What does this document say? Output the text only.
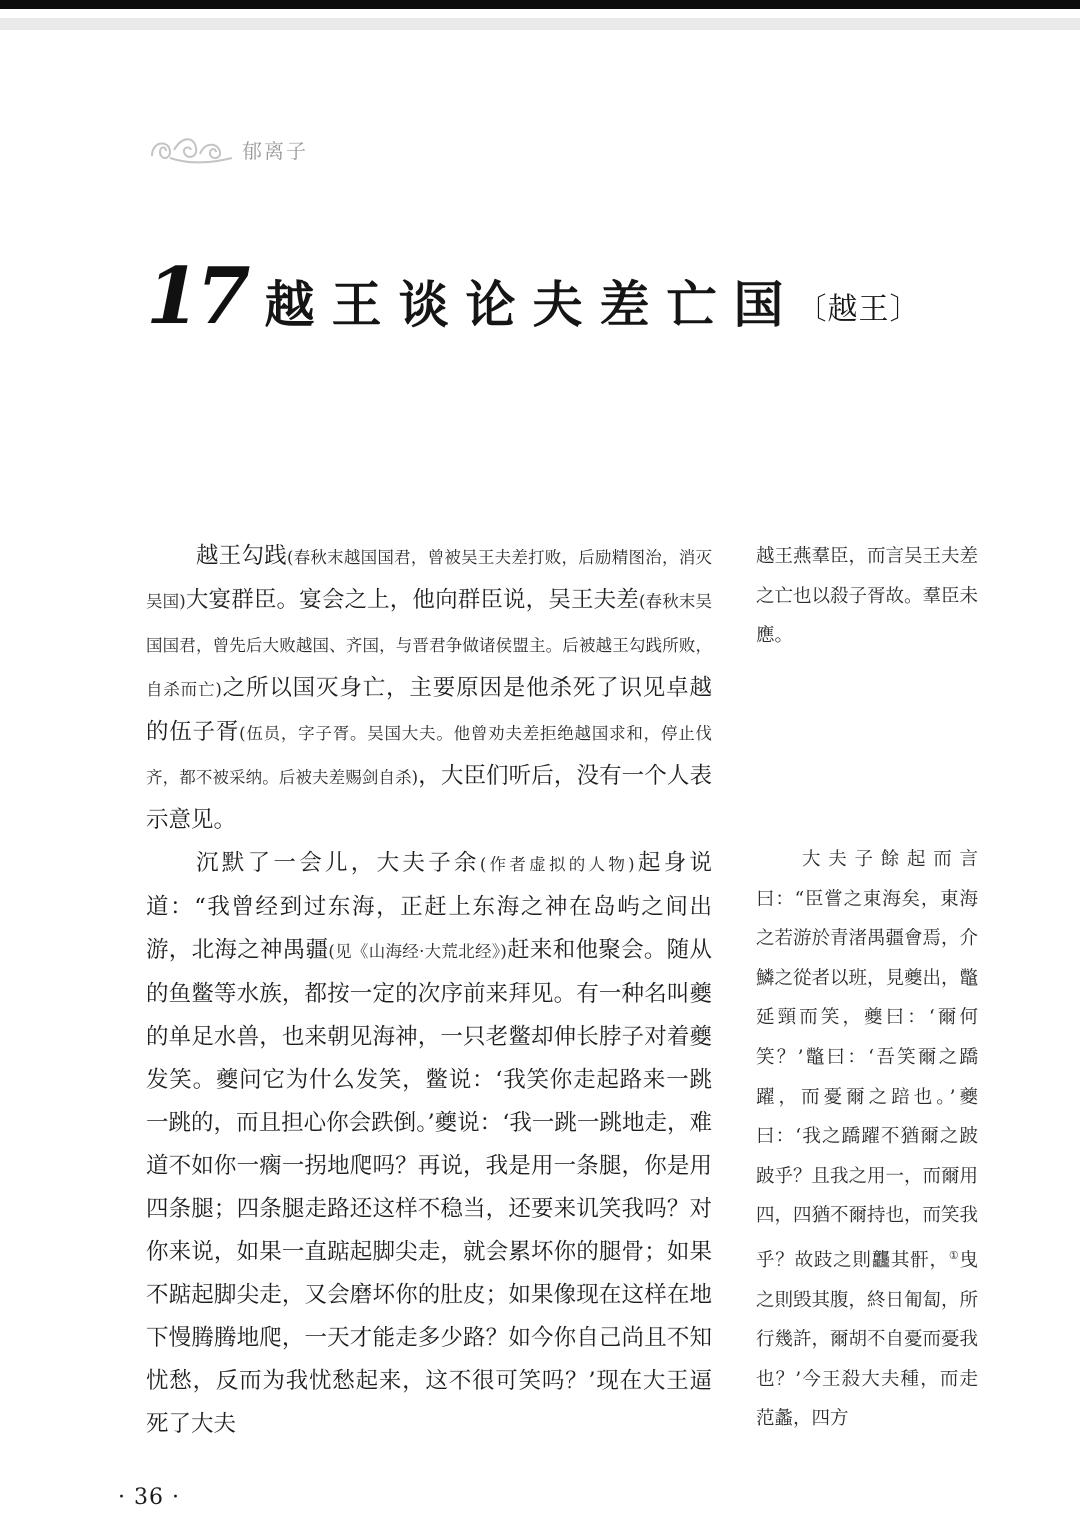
郁离子
17 越王谈论夫差亡国
〔越王〕

越王勾践(春秋末越国国君，曾被吴王夫差打败，后励精图治，消灭吴国)大宴群臣。宴会之上，他向群臣说，吴王夫差(春秋末吴国国君，曾先后大败越国、齐国，与晋君争做诸侯盟主。后被越王勾践所败，自杀而亡)之所以国灭身亡，主要原因是他杀死了识见卓越的伍子胥(伍员，字子胥。吴国大夫。他曾劝夫差拒绝越国求和，停止伐齐，都不被采纳。后被夫差赐剑自杀)，大臣们听后，没有一个人表示意见。

沉默了一会儿，大夫子余(作者虚拟的人物)起身说道：“我曾经到过东海，正赶上东海之神在岛屿之间出游，北海之神禺疆(见《山海经·大荒北经》)赶来和他聚会。随从的鱼鳖等水族，都按一定的次序前来拜见。有一种名叫夔的单足水兽，也来朝见海神，一只老鳖却伸长脖子对着夔发笑。夔问它为什么发笑，鳖说：‘我笑你走起路来一跳一跳的，而且担心你会跌倒。’夔说：‘我一跳一跳地走，难道不如你一瘸一拐地爬吗？再说，我是用一条腿，你是用四条腿；四条腿走路还这样不稳当，还要来讥笑我吗？对你来说，如果一直踮起脚尖走，就会累坏你的腿骨；如果不踮起脚尖走，又会磨坏你的肚皮；如果像现在这样在地下慢腾腾地爬，一天才能走多少路？如今你自己尚且不知忧愁，反而为我忧愁起来，这不很可笑吗？’现在大王逼死了大夫

越王燕羣臣，而言吴王夫差之亡也以殺子胥故。羣臣未應。

大夫子餘起而言曰：“臣嘗之東海矣，東海之若游於青渚禺疆會焉，介鱗之從者以班，見夔出，鼈延頸而笑，夔曰：‘爾何笑？’鼈曰：‘吾笑爾之蹻躍，而憂爾之踣也。’夔曰：‘我之蹻躍不猶爾之跛跛乎？且我之用一，而爾用四，四猶不爾持也，而笑我乎？故跂之則龘其骭，①曳之則毁其腹，終日匍匐，所行幾許，爾胡不自憂而憂我也？’今王殺大夫種，而走范蠡，四方

· 36 ·
